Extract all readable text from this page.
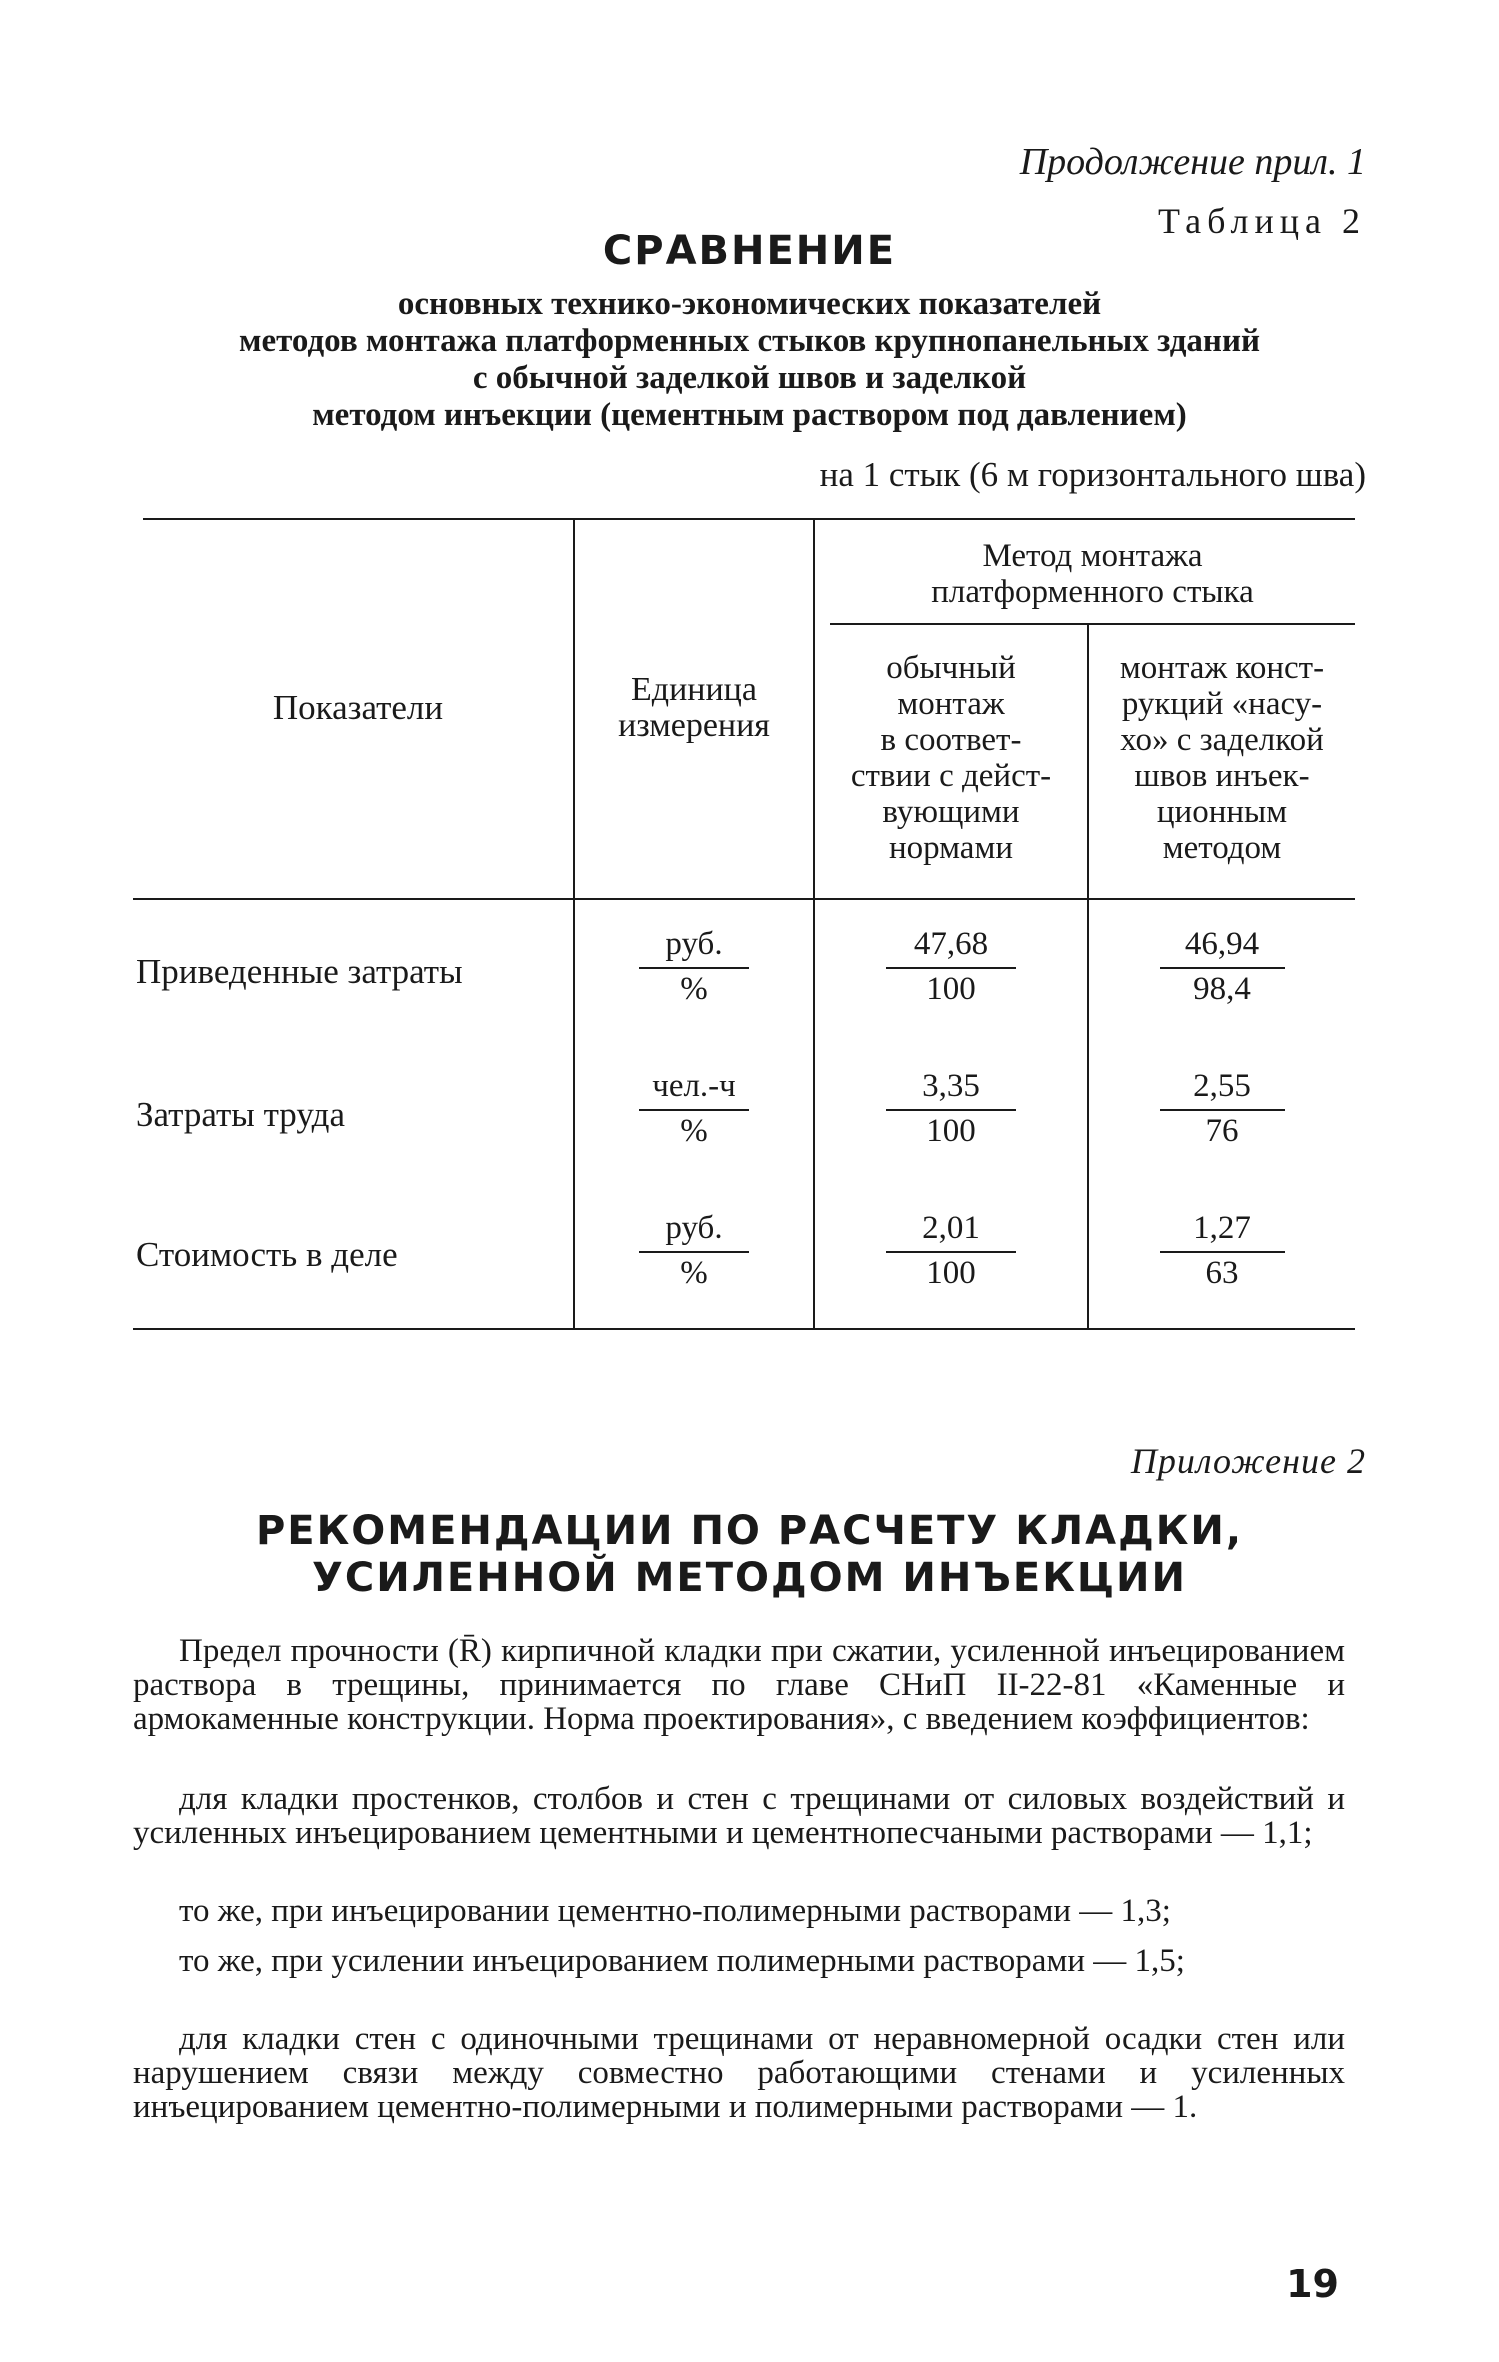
Продолжение прил. 1
Таблица 2
СРАВНЕНИЕ
основных технико-экономических показателей
методов монтажа платформенных стыков крупнопанельных зданий
с обычной заделкой швов и заделкой
методом инъекции (цементным раствором под давлением)
на 1 стык (6 м горизонтального шва)
Показатели	Единица
измерения
Метод монтажа
платформенного стыка
обычный
монтаж
в соответ-
ствии с дейст-
вующими
нормами
монтаж конст-
рукций «насу-
хо» с заделкой
швов инъек-
ционным
методом
Приведенные затраты
руб.
%
47,68
100
46,94
98,4
Затраты труда
чел.-ч
%
3,35
100
2,55
76
Стоимость в деле
руб.
%
2,01
100
1,27
63
Приложение 2
РЕКОМЕНДАЦИИ ПО РАСЧЕТУ КЛАДКИ,
УСИЛЕННОЙ МЕТОДОМ ИНЪЕКЦИИ
Предел прочности (R̄) кирпичной кладки при сжатии, усиленной инъецированием раствора в трещины, принимается по главе СНиП II-22-81 «Каменные и армокаменные конструкции. Норма проектирования», с введением коэффициентов:
для кладки простенков, столбов и стен с трещинами от силовых воздействий и усиленных инъецированием цементными и цементнопесчаными растворами — 1,1;
то же, при инъецировании цементно-полимерными растворами — 1,3;
то же, при усилении инъецированием полимерными растворами — 1,5;
для кладки стен с одиночными трещинами от неравномерной осадки стен или нарушением связи между совместно работающими стенами и усиленных инъецированием цементно-полимерными и полимерными растворами — 1.
19
